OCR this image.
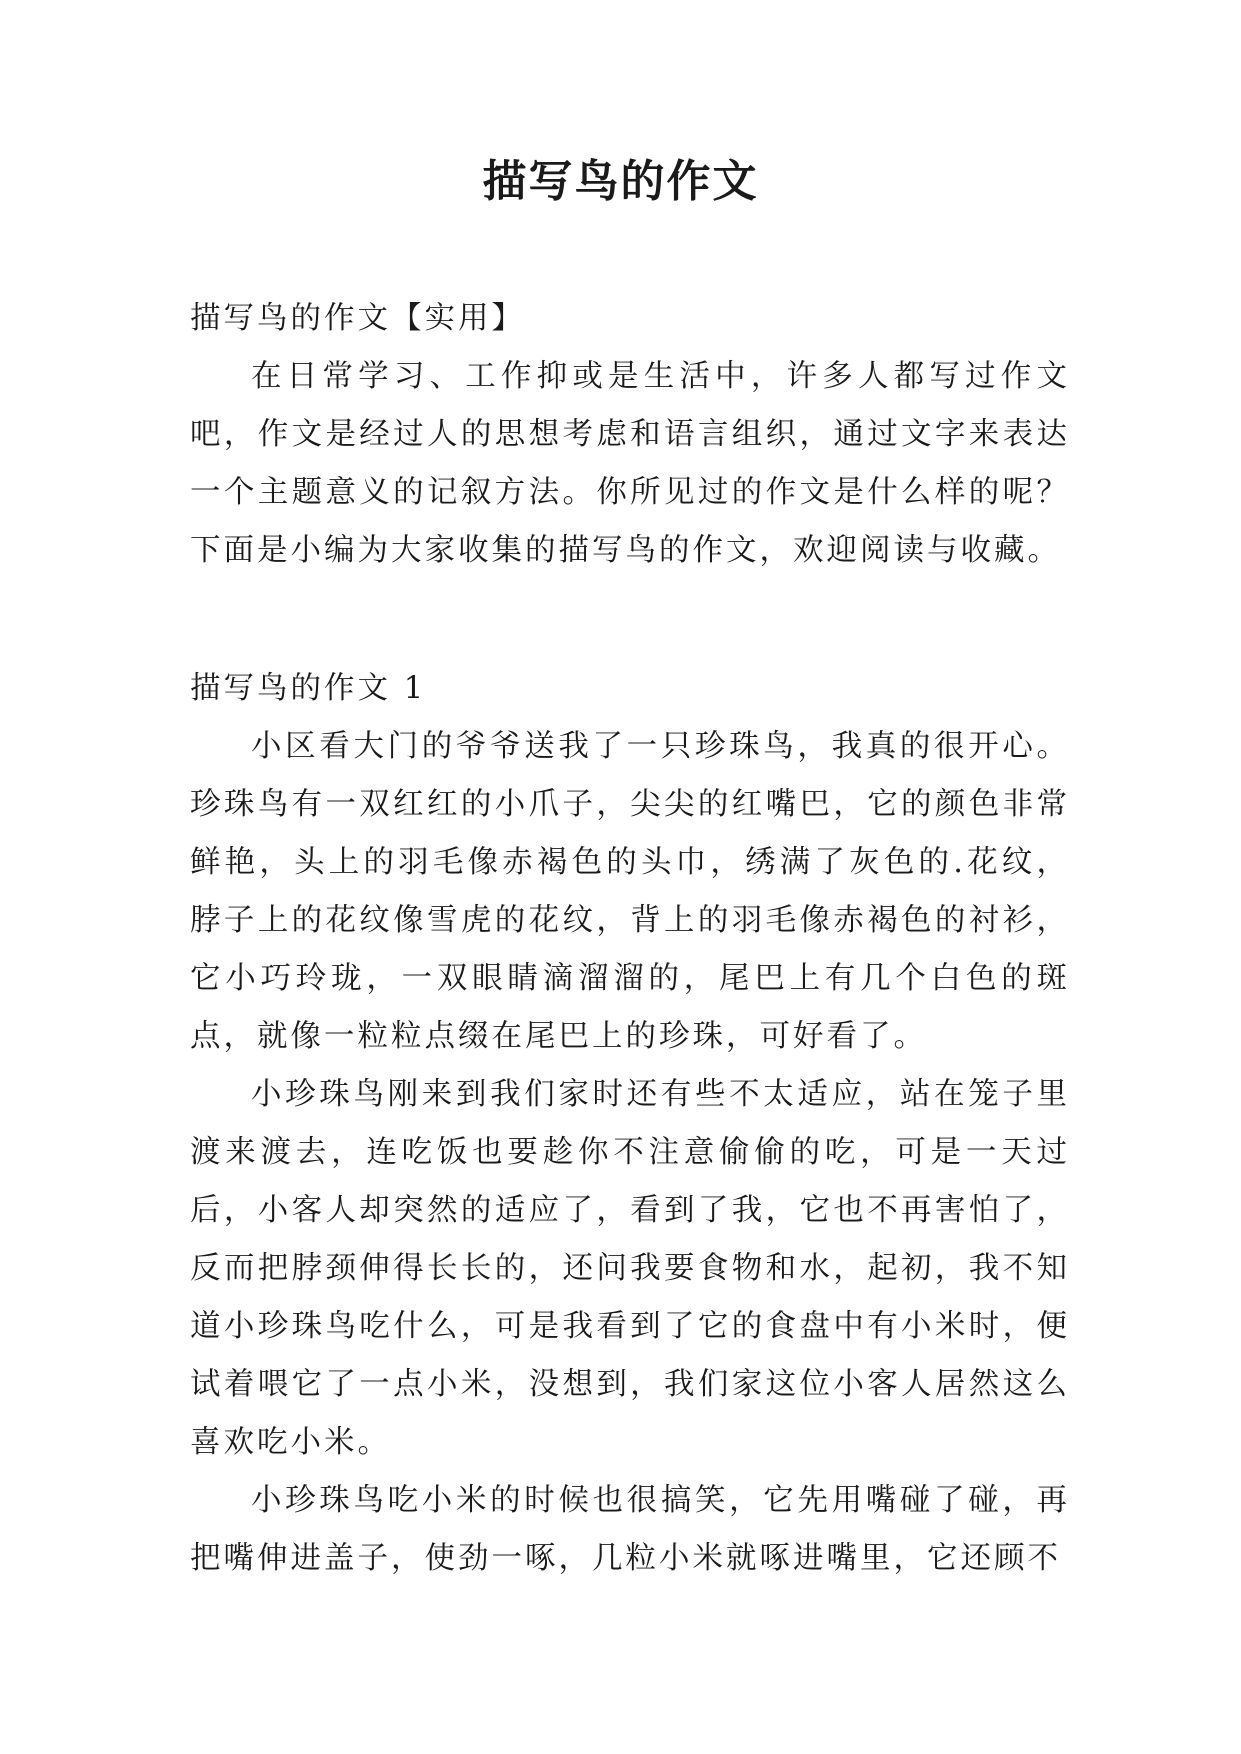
描写鸟的作文
描写鸟的作文【实用】

在日常学习、工作抑或是生活中，许多人都写过作文吧，作文是经过人的思想考虑和语言组织，通过文字来表达一个主题意义的记叙方法。你所见过的作文是什么样的呢？下面是小编为大家收集的描写鸟的作文，欢迎阅读与收藏。

描写鸟的作文 1

小区看大门的爷爷送我了一只珍珠鸟，我真的很开心。珍珠鸟有一双红红的小爪子，尖尖的红嘴巴，它的颜色非常鲜艳，头上的羽毛像赤褐色的头巾，绣满了灰色的.花纹，脖子上的花纹像雪虎的花纹，背上的羽毛像赤褐色的衬衫，它小巧玲珑，一双眼睛滴溜溜的，尾巴上有几个白色的斑点，就像一粒粒点缀在尾巴上的珍珠，可好看了。

小珍珠鸟刚来到我们家时还有些不太适应，站在笼子里渡来渡去，连吃饭也要趁你不注意偷偷的吃，可是一天过后，小客人却突然的适应了，看到了我，它也不再害怕了，反而把脖颈伸得长长的，还问我要食物和水，起初，我不知道小珍珠鸟吃什么，可是我看到了它的食盘中有小米时，便试着喂它了一点小米，没想到，我们家这位小客人居然这么喜欢吃小米。

小珍珠鸟吃小米的时候也很搞笑，它先用嘴碰了碰，再把嘴伸进盖子，使劲一啄，几粒小米就啄进嘴里，它还顾不
